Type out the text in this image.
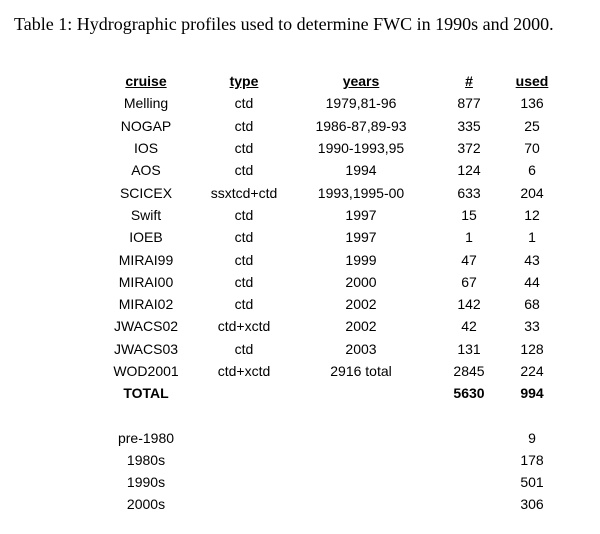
Table 1: Hydrographic profiles used to determine FWC in 1990s and 2000.
cruise	type	years	#	used
Melling	ctd	1979,81-96	877	136
NOGAP	ctd	1986-87,89-93	335	25
IOS	ctd	1990-1993,95	372	70
AOS	ctd	1994	124	6
SCICEX	ssxtcd+ctd	1993,1995-00	633	204
Swift	ctd	1997	15	12
IOEB	ctd	1997	1	1
MIRAI99	ctd	1999	47	43
MIRAI00	ctd	2000	67	44
MIRAI02	ctd	2002	142	68
JWACS02	ctd+xctd	2002	42	33
JWACS03	ctd	2003	131	128
WOD2001	ctd+xctd	2916 total	2845	224
TOTAL			5630	994

pre-1980				9
1980s				178
1990s				501
2000s				306
